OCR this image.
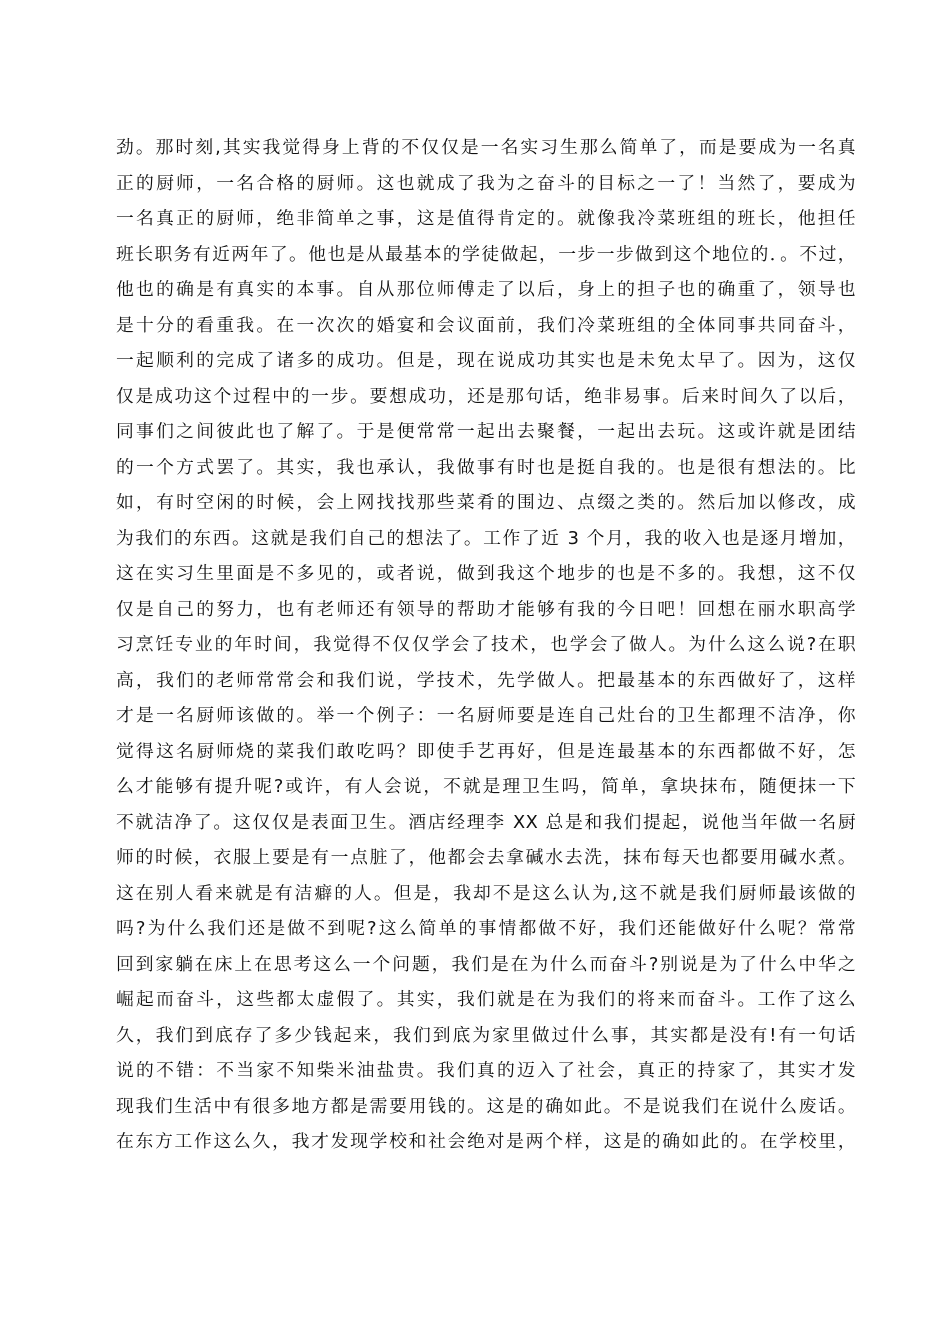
劲。那时刻,其实我觉得身上背的不仅仅是一名实习生那么简单了，而是要成为一名真
正的厨师，一名合格的厨师。这也就成了我为之奋斗的目标之一了！当然了，要成为
一名真正的厨师，绝非简单之事，这是值得肯定的。就像我冷菜班组的班长，他担任
班长职务有近两年了。他也是从最基本的学徒做起，一步一步做到这个地位的．。不过，
他也的确是有真实的本事。自从那位师傅走了以后，身上的担子也的确重了，领导也
是十分的看重我。在一次次的婚宴和会议面前，我们冷菜班组的全体同事共同奋斗，
一起顺利的完成了诸多的成功。但是，现在说成功其实也是未免太早了。因为，这仅
仅是成功这个过程中的一步。要想成功，还是那句话，绝非易事。后来时间久了以后，
同事们之间彼此也了解了。于是便常常一起出去聚餐，一起出去玩。这或许就是团结
的一个方式罢了。其实，我也承认，我做事有时也是挺自我的。也是很有想法的。比
如，有时空闲的时候，会上网找找那些菜肴的围边、点缀之类的。然后加以修改，成
为我们的东西。这就是我们自己的想法了。工作了近 3 个月，我的收入也是逐月增加，
这在实习生里面是不多见的，或者说，做到我这个地步的也是不多的。我想，这不仅
仅是自己的努力，也有老师还有领导的帮助才能够有我的今日吧！回想在丽水职高学
习烹饪专业的年时间，我觉得不仅仅学会了技术，也学会了做人。为什么这么说?在职
高，我们的老师常常会和我们说，学技术，先学做人。把最基本的东西做好了，这样
才是一名厨师该做的。举一个例子：一名厨师要是连自己灶台的卫生都理不洁净，你
觉得这名厨师烧的菜我们敢吃吗？即使手艺再好，但是连最基本的东西都做不好，怎
么才能够有提升呢?或许，有人会说，不就是理卫生吗，简单，拿块抹布，随便抹一下
不就洁净了。这仅仅是表面卫生。酒店经理李 XX 总是和我们提起，说他当年做一名厨
师的时候，衣服上要是有一点脏了，他都会去拿碱水去洗，抹布每天也都要用碱水煮。
这在别人看来就是有洁癖的人。但是，我却不是这么认为,这不就是我们厨师最该做的
吗?为什么我们还是做不到呢?这么简单的事情都做不好，我们还能做好什么呢？常常
回到家躺在床上在思考这么一个问题，我们是在为什么而奋斗?别说是为了什么中华之
崛起而奋斗，这些都太虚假了。其实，我们就是在为我们的将来而奋斗。工作了这么
久，我们到底存了多少钱起来，我们到底为家里做过什么事，其实都是没有!有一句话
说的不错：不当家不知柴米油盐贵。我们真的迈入了社会，真正的持家了，其实才发
现我们生活中有很多地方都是需要用钱的。这是的确如此。不是说我们在说什么废话。
在东方工作这么久，我才发现学校和社会绝对是两个样，这是的确如此的。在学校里，
